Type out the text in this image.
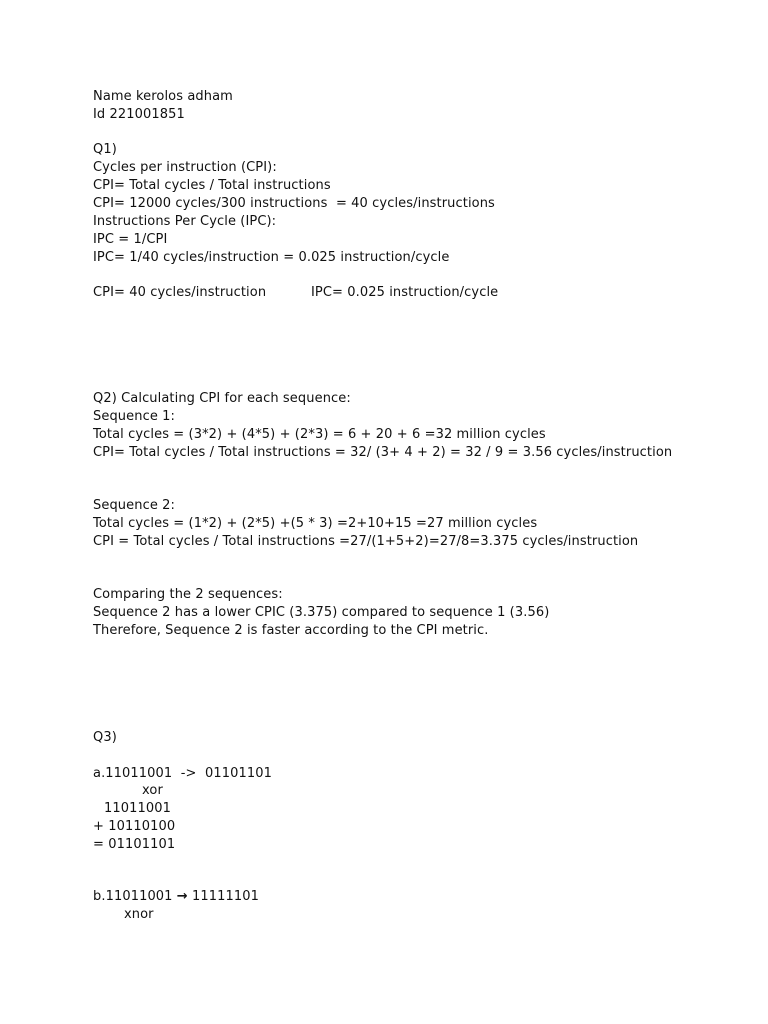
Name kerolos adham
Id 221001851
Q1)
Cycles per instruction (CPI):
CPI= Total cycles / Total instructions
CPI= 12000 cycles/300 instructions  = 40 cycles/instructions
Instructions Per Cycle (IPC):
IPC = 1/CPI
IPC= 1/40 cycles/instruction = 0.025 instruction/cycle
CPI= 40 cycles/instruction	IPC= 0.025 instruction/cycle
Q2) Calculating CPI for each sequence:
Sequence 1:
Total cycles = (3*2) + (4*5) + (2*3) = 6 + 20 + 6 =32 million cycles
CPI= Total cycles / Total instructions = 32/ (3+ 4 + 2) = 32 / 9 = 3.56 cycles/instruction
Sequence 2:
Total cycles = (1*2) + (2*5) +(5 * 3) =2+10+15 =27 million cycles
CPI = Total cycles / Total instructions =27/(1+5+2)=27/8=3.375 cycles/instruction
Comparing the 2 sequences:
Sequence 2 has a lower CPIC (3.375) compared to sequence 1 (3.56)
Therefore, Sequence 2 is faster according to the CPI metric.
Q3)
a.11011001  ->  01101101
xor
11011001
+ 10110100
= 01101101
b.11011001 → 11111101
xnor
